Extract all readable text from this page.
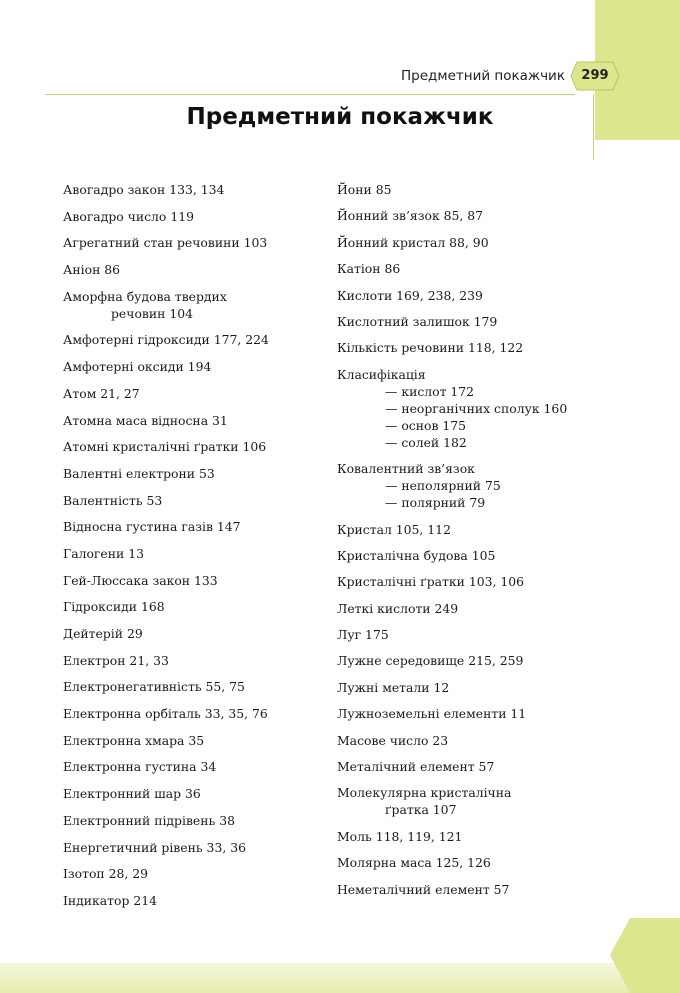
Предметний покажчик	299
Предметний покажчик
Авогадро закон 133, 134
Авогадро число 119
Агрегатний стан речовини 103
Аніон 86
Аморфна будова твердих
речовин 104
Амфотерні гідроксиди 177, 224
Амфотерні оксиди 194
Атом 21, 27
Атомна маса відносна 31
Атомні кристалічні ґратки 106
Валентні електрони 53
Валентність 53
Відносна густина газів 147
Галогени 13
Гей-Люссака закон 133
Гідроксиди 168
Дейтерій 29
Електрон 21, 33
Електронегативність 55, 75
Електронна орбіталь 33, 35, 76
Електронна хмара 35
Електронна густина 34
Електронний шар 36
Електронний підрівень 38
Енергетичний рівень 33, 36
Ізотоп 28, 29
Індикатор 214
Йони 85
Йонний зв’язок 85, 87
Йонний кристал 88, 90
Катіон 86
Кислоти 169, 238, 239
Кислотний залишок 179
Кількість речовини 118, 122
Класифікація
— кислот 172
— неорганічних сполук 160
— основ 175
— солей 182
Ковалентний зв’язок
— неполярний 75
— полярний 79
Кристал 105, 112
Кристалічна будова 105
Кристалічні ґратки 103, 106
Леткі кислоти 249
Луг 175
Лужне середовище 215, 259
Лужні метали 12
Лужноземельні елементи 11
Масове число 23
Металічний елемент 57
Молекулярна кристалічна
ґратка 107
Моль 118, 119, 121
Молярна маса 125, 126
Неметалічний елемент 57
